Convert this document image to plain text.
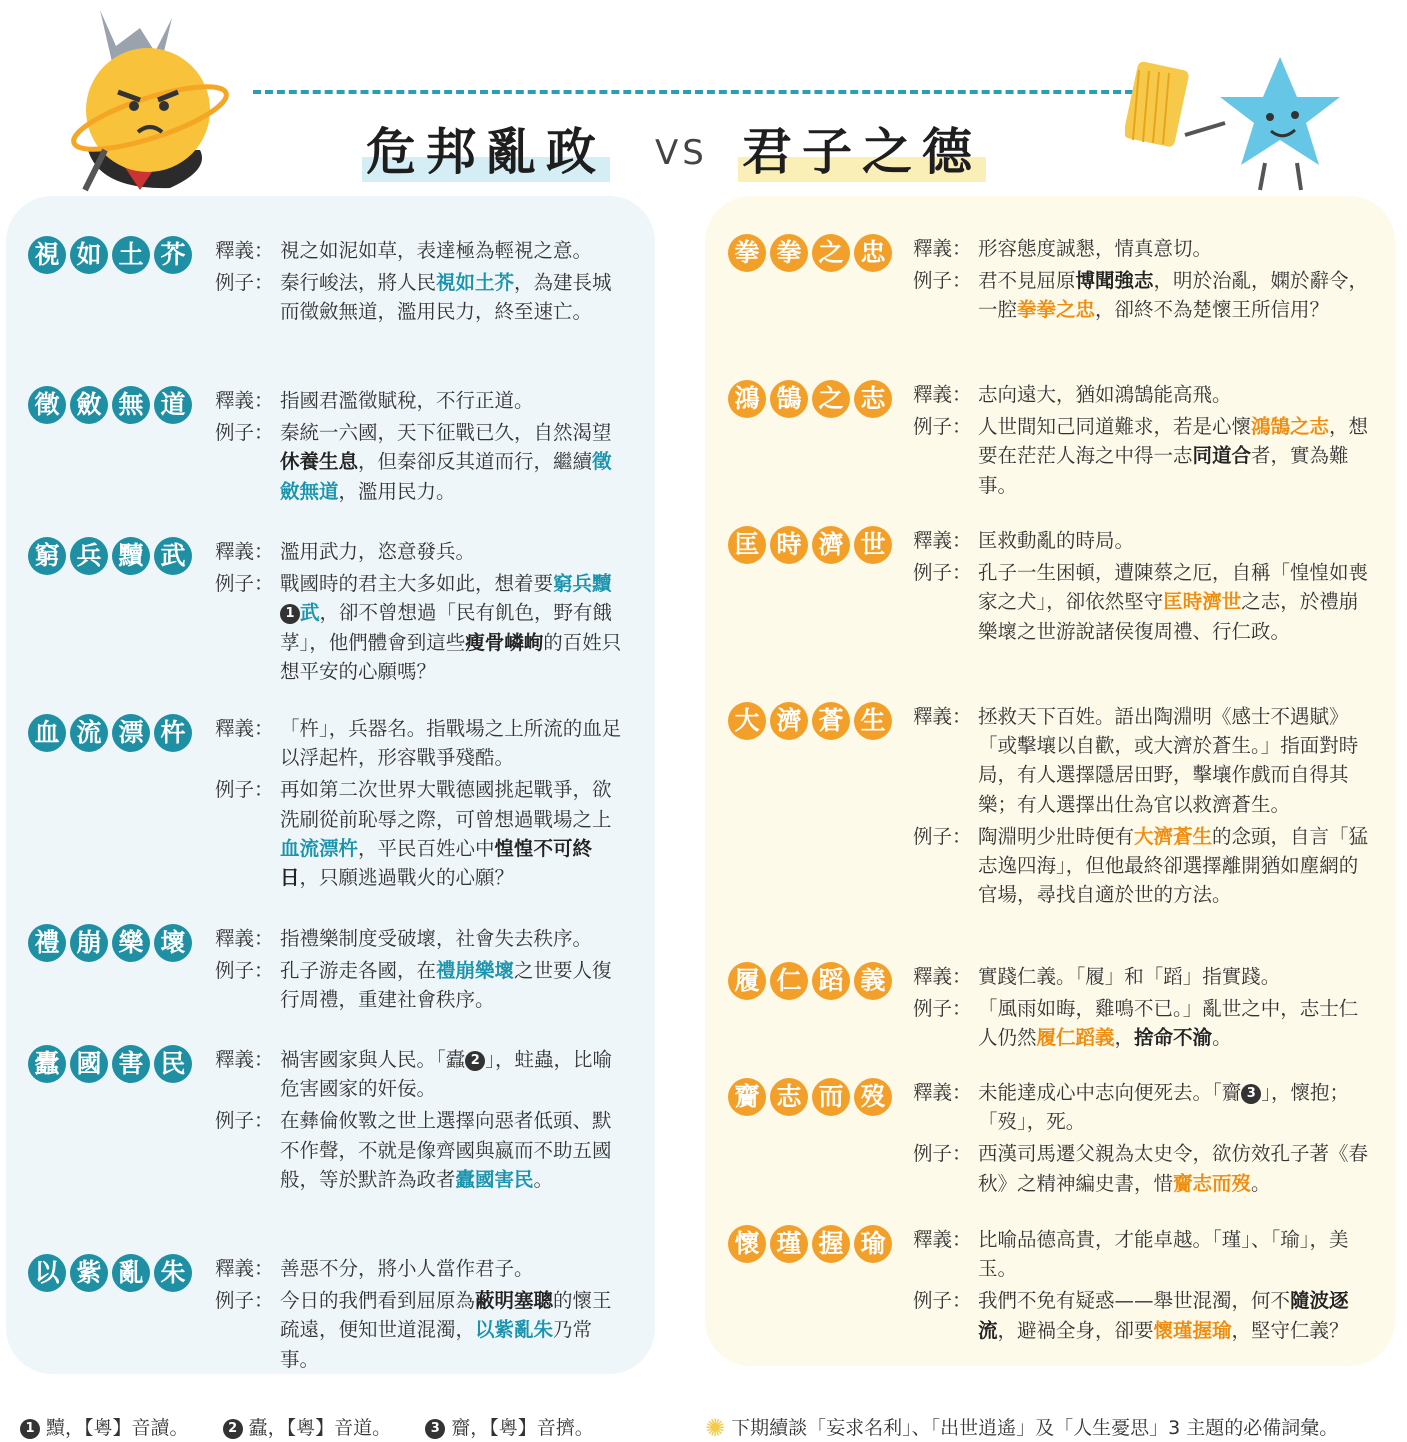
危邦亂政 VS 君子之德
視 如 土 芥	釋義： 視之如泥如草，表達極為輕視之意。
例子： 秦行峻法，將人民視如土芥，為建長城而徵斂無道，濫用民力，終至速亡。
徵 斂 無 道	釋義： 指國君濫徵賦稅，不行正道。
例子： 秦統一六國，天下征戰已久，自然渴望休養生息，但秦卻反其道而行，繼續徵斂無道，濫用民力。
窮 兵 黷 武	釋義： 濫用武力，恣意發兵。
例子： 戰國時的君主大多如此，想着要窮兵黷1 武，卻不曾想過「民有飢色，野有餓莩」，他們體會到這些瘦骨嶙峋的百姓只想平安的心願嗎？
血 流 漂 杵	釋義： 「杵」，兵器名。指戰場之上所流的血足以浮起杵，形容戰爭殘酷。
例子： 再如第二次世界大戰德國挑起戰爭，欲洗刷從前恥辱之際，可曾想過戰場之上血流漂杵，平民百姓心中惶惶不可終日，只願逃過戰火的心願？
禮 崩 樂 壞	釋義： 指禮樂制度受破壞，社會失去秩序。
例子： 孔子游走各國，在禮崩樂壞之世要人復行周禮，重建社會秩序。
蠹 國 害 民	釋義： 禍害國家與人民。「蠹 2 」，蛀蟲，比喻危害國家的奸佞。
例子： 在彝倫攸斁之世上選擇向惡者低頭、默不作聲，不就是像齊國與嬴而不助五國般，等於默許為政者蠹國害民。
以 紫 亂 朱	釋義： 善惡不分，將小人當作君子。
例子： 今日的我們看到屈原為蔽明塞聰的懷王疏遠，便知世道混濁，以紫亂朱乃常事。
拳 拳 之 忠	釋義： 形容態度誠懇，情真意切。
例子： 君不見屈原博聞強志，明於治亂，嫻於辭令，一腔拳拳之忠，卻終不為楚懷王所信用？
鴻 鵠 之 志	釋義： 志向遠大，猶如鴻鵠能高飛。
例子： 人世間知己同道難求，若是心懷鴻鵠之志，想要在茫茫人海之中得一志同道合者，實為難事。
匡 時 濟 世	釋義： 匡救動亂的時局。
例子： 孔子一生困頓，遭陳蔡之厄，自稱「惶惶如喪家之犬」，卻依然堅守匡時濟世之志，於禮崩樂壞之世游說諸侯復周禮、行仁政。
大 濟 蒼 生	釋義： 拯救天下百姓。語出陶淵明《感士不遇賦》「或擊壤以自歡，或大濟於蒼生。」指面對時局，有人選擇隱居田野，擊壤作戲而自得其樂；有人選擇出仕為官以救濟蒼生。
例子： 陶淵明少壯時便有大濟蒼生的念頭，自言「猛志逸四海」，但他最終卻選擇離開猶如塵網的官場，尋找自適於世的方法。
履 仁 蹈 義	釋義： 實踐仁義。「履」和「蹈」指實踐。
例子： 「風雨如晦，雞鳴不已。」亂世之中，志士仁人仍然履仁蹈義，捨命不渝。
齎 志 而 歿	釋義： 未能達成心中志向便死去。「齎 3 」，懷抱；「歿」，死。
例子： 西漢司馬遷父親為太史令，欲仿效孔子著《春秋》之精神編史書，惜齎志而歿。
懷 瑾 握 瑜	釋義： 比喻品德高貴，才能卓越。「瑾」、「瑜」，美玉。
例子： 我們不免有疑惑——舉世混濁，何不隨波逐流，避禍全身，卻要懷瑾握瑜，堅守仁義？
1 黷，【粵】音讀。	2 蠹，【粵】音道。	3 齎，【粵】音擠。	✺ 下期續談「妄求名利」、「出世逍遙」及「人生憂思」3 主題的必備詞彙。
